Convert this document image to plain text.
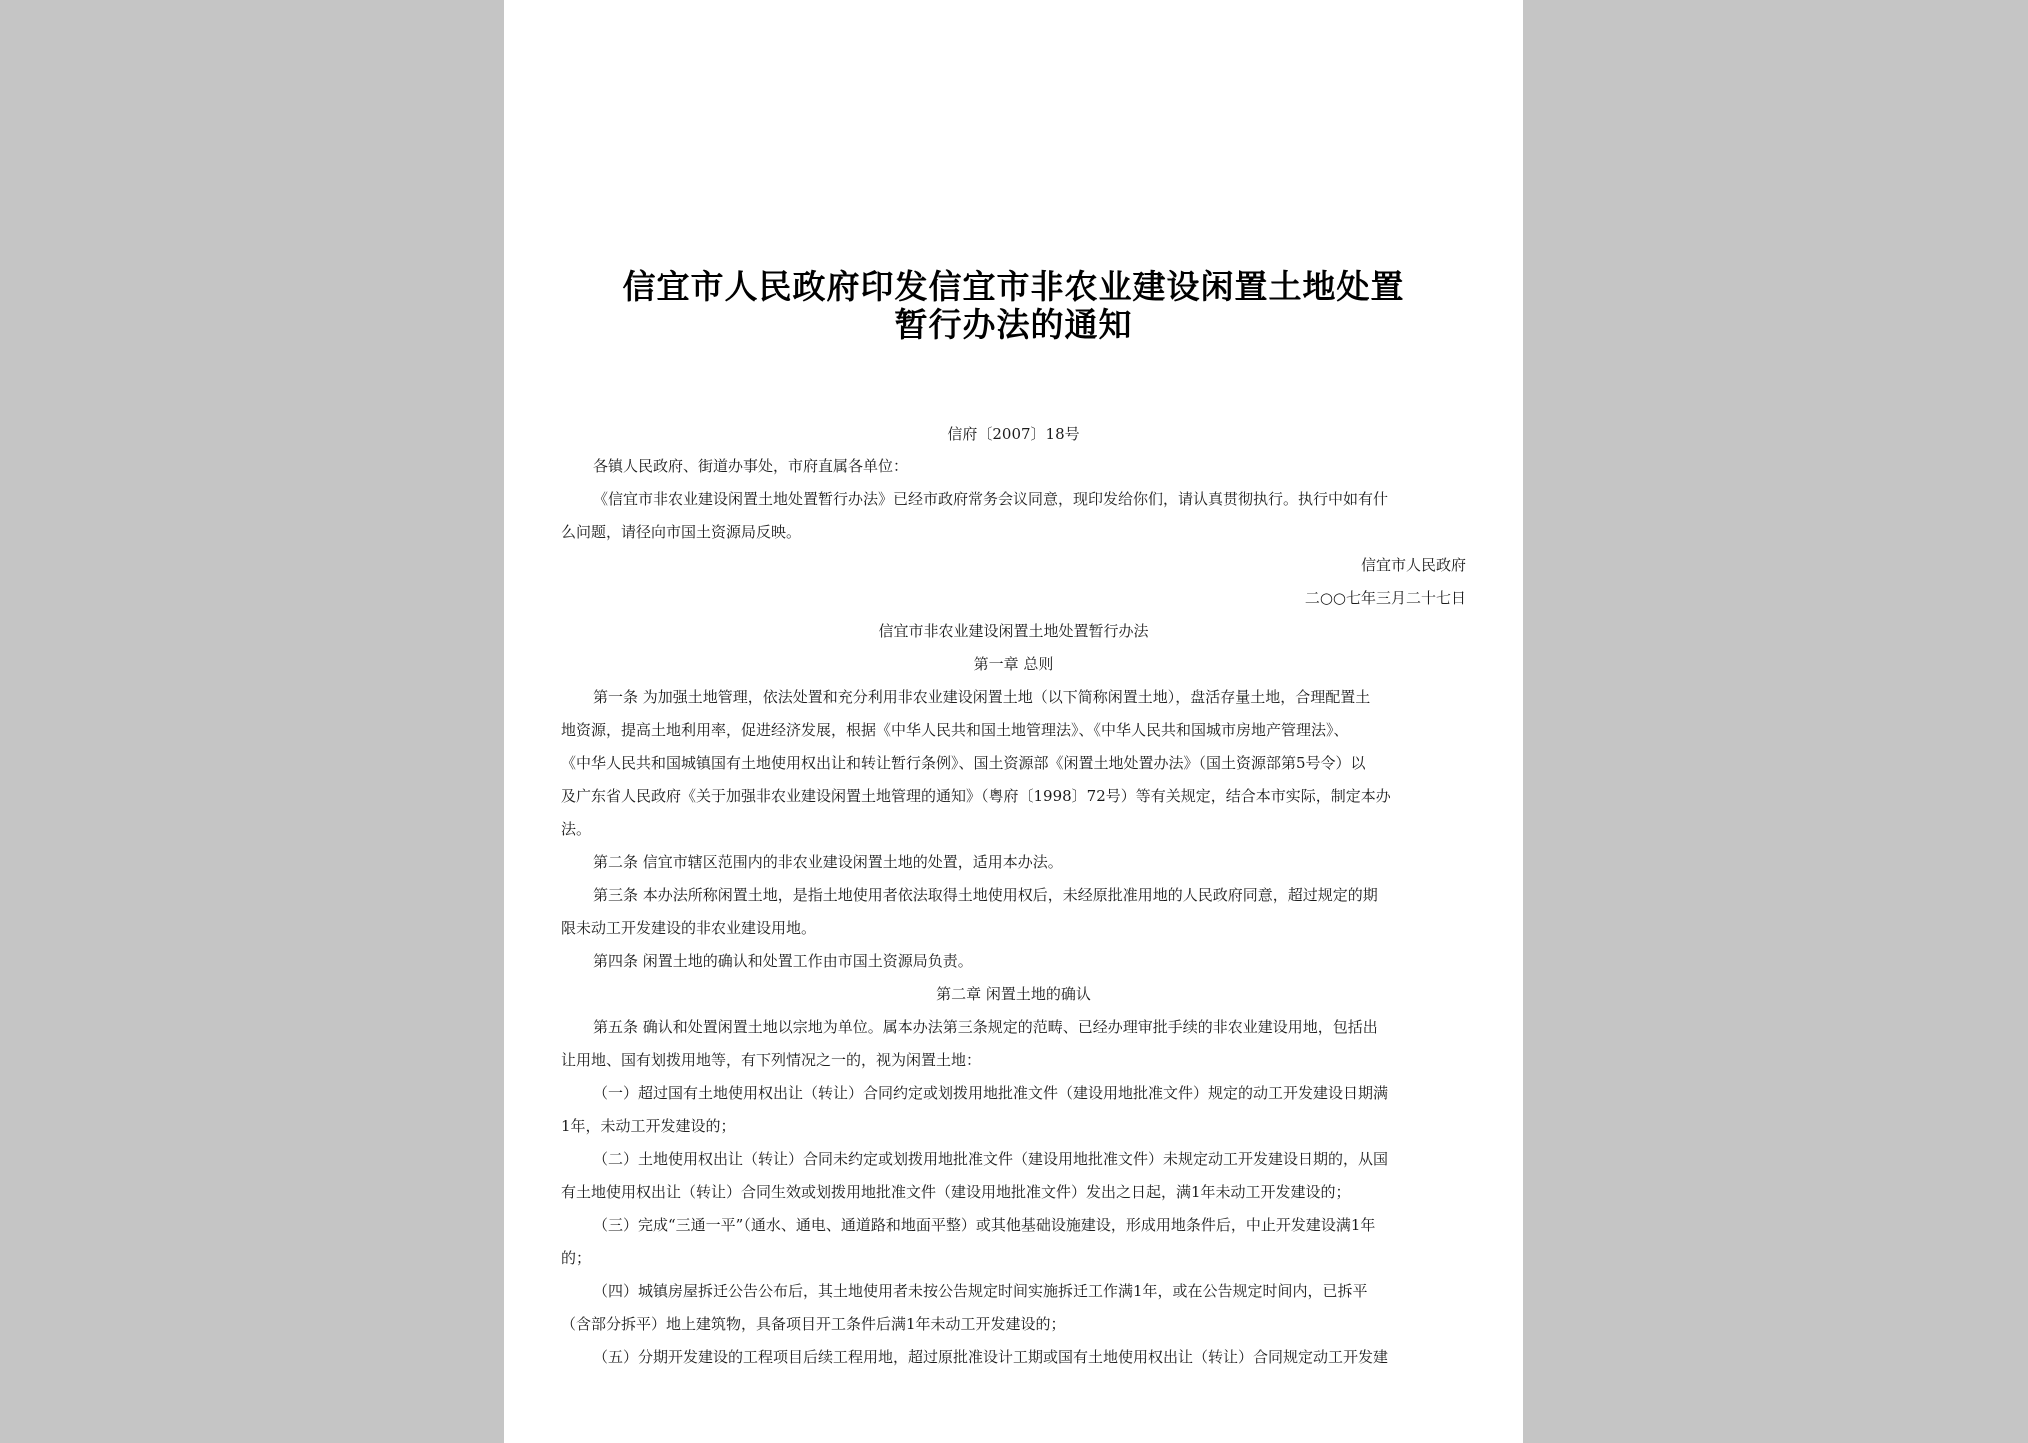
信宜市人民政府印发信宜市非农业建设闲置土地处置
暂行办法的通知

信府〔2007〕18号

各镇人民政府、街道办事处，市府直属各单位：

《信宜市非农业建设闲置土地处置暂行办法》已经市政府常务会议同意，现印发给你们，请认真贯彻执行。执行中如有什

么问题，请径向市国土资源局反映。

信宜市人民政府

二○○七年三月二十七日

信宜市非农业建设闲置土地处置暂行办法

第一章 总则

第一条 为加强土地管理，依法处置和充分利用非农业建设闲置土地（以下简称闲置土地），盘活存量土地，合理配置土

地资源，提高土地利用率，促进经济发展，根据《中华人民共和国土地管理法》、《中华人民共和国城市房地产管理法》、

《中华人民共和国城镇国有土地使用权出让和转让暂行条例》、国土资源部《闲置土地处置办法》（国土资源部第5号令）以

及广东省人民政府《关于加强非农业建设闲置土地管理的通知》（粤府〔1998〕72号）等有关规定，结合本市实际，制定本办

法。

第二条 信宜市辖区范围内的非农业建设闲置土地的处置，适用本办法。

第三条 本办法所称闲置土地，是指土地使用者依法取得土地使用权后，未经原批准用地的人民政府同意，超过规定的期

限未动工开发建设的非农业建设用地。

第四条 闲置土地的确认和处置工作由市国土资源局负责。

第二章 闲置土地的确认

第五条 确认和处置闲置土地以宗地为单位。属本办法第三条规定的范畴、已经办理审批手续的非农业建设用地，包括出

让用地、国有划拨用地等，有下列情况之一的，视为闲置土地：

（一）超过国有土地使用权出让（转让）合同约定或划拨用地批准文件（建设用地批准文件）规定的动工开发建设日期满

1年，未动工开发建设的；

（二）土地使用权出让（转让）合同未约定或划拨用地批准文件（建设用地批准文件）未规定动工开发建设日期的，从国

有土地使用权出让（转让）合同生效或划拨用地批准文件（建设用地批准文件）发出之日起，满1年未动工开发建设的；

（三）完成“三通一平”（通水、通电、通道路和地面平整）或其他基础设施建设，形成用地条件后，中止开发建设满1年

的；

（四）城镇房屋拆迁公告公布后，其土地使用者未按公告规定时间实施拆迁工作满1年，或在公告规定时间内，已拆平

（含部分拆平）地上建筑物，具备项目开工条件后满1年未动工开发建设的；

（五）分期开发建设的工程项目后续工程用地，超过原批准设计工期或国有土地使用权出让（转让）合同规定动工开发建
